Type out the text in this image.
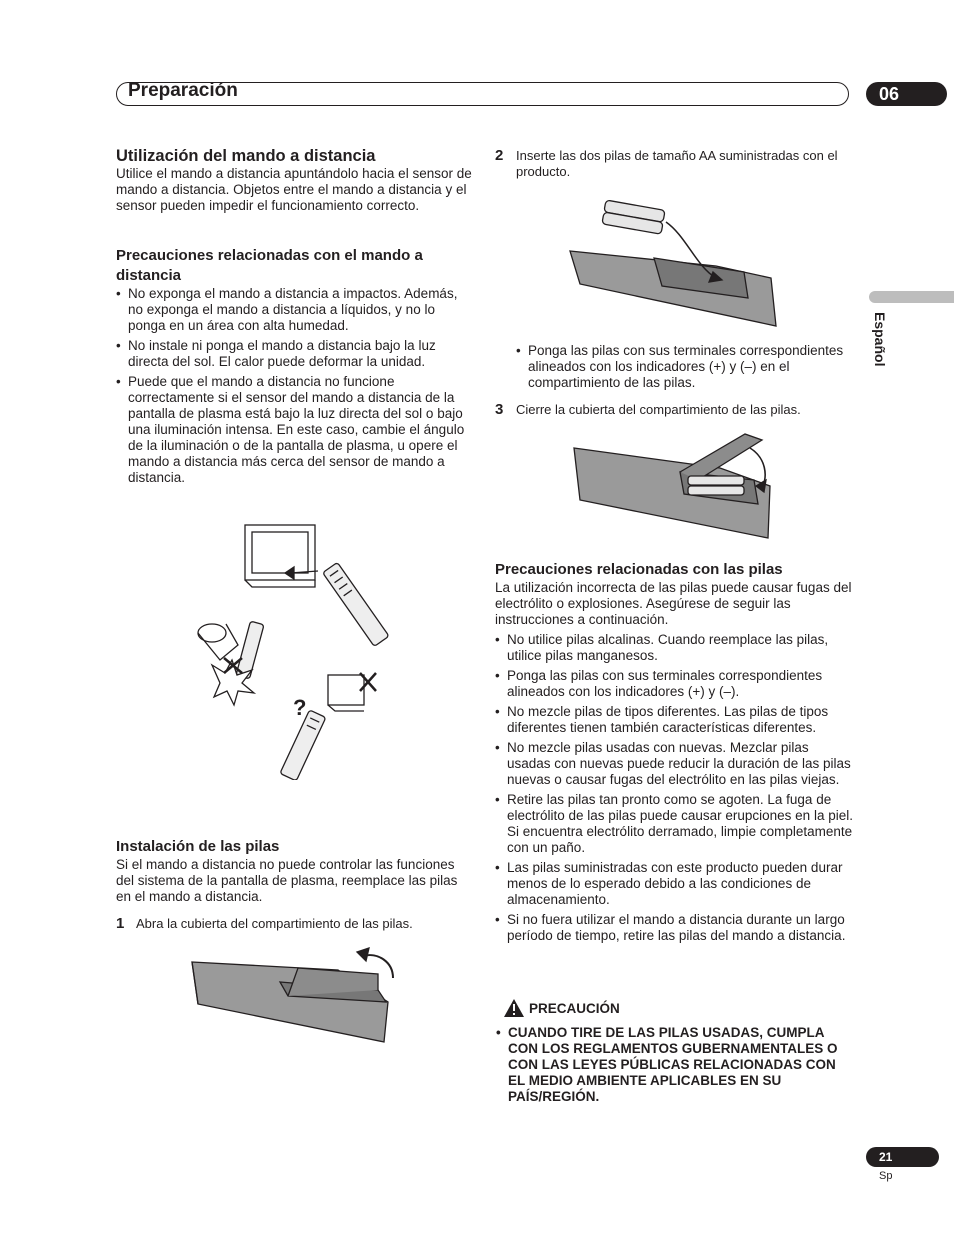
Preparación	06
Español
Utilización del mando a distancia
Utilice el mando a distancia apuntándolo hacia el sensor de mando a distancia. Objetos entre el mando a distancia y el sensor pueden impedir el funcionamiento correcto.
Precauciones relacionadas con el mando a distancia
• No exponga el mando a distancia a impactos. Además, no exponga el mando a distancia a líquidos, y no lo ponga en un área con alta humedad.
• No instale ni ponga el mando a distancia bajo la luz directa del sol. El calor puede deformar la unidad.
• Puede que el mando a distancia no funcione correctamente si el sensor del mando a distancia de la pantalla de plasma está bajo la luz directa del sol o bajo una iluminación intensa. En este caso, cambie el ángulo de la iluminación o de la pantalla de plasma, u opere el mando a distancia más cerca del sensor de mando a distancia.
?
Instalación de las pilas
Si el mando a distancia no puede controlar las funciones del sistema de la pantalla de plasma, reemplace las pilas en el mando a distancia.
1 Abra la cubierta del compartimiento de las pilas.
2 Inserte las dos pilas de tamaño AA suministradas con el producto.
• Ponga las pilas con sus terminales correspondientes alineados con los indicadores (+) y (–) en el compartimiento de las pilas.
3 Cierre la cubierta del compartimiento de las pilas.
Precauciones relacionadas con las pilas
La utilización incorrecta de las pilas puede causar fugas del electrólito o explosiones. Asegúrese de seguir las instrucciones a continuación.
• No utilice pilas alcalinas. Cuando reemplace las pilas, utilice pilas manganesos.
• Ponga las pilas con sus terminales correspondientes alineados con los indicadores (+) y (–).
• No mezcle pilas de tipos diferentes. Las pilas de tipos diferentes tienen también características diferentes.
• No mezcle pilas usadas con nuevas. Mezclar pilas usadas con nuevas puede reducir la duración de las pilas nuevas o causar fugas del electrólito en las pilas viejas.
• Retire las pilas tan pronto como se agoten. La fuga de electrólito de las pilas puede causar erupciones en la piel. Si encuentra electrólito derramado, limpie completamente con un paño.
• Las pilas suministradas con este producto pueden durar menos de lo esperado debido a las condiciones de almacenamiento.
• Si no fuera utilizar el mando a distancia durante un largo período de tiempo, retire las pilas del mando a distancia.
PRECAUCIÓN
• CUANDO TIRE DE LAS PILAS USADAS, CUMPLA CON LOS REGLAMENTOS GUBERNAMENTALES O CON LAS LEYES PÚBLICAS RELACIONADAS CON EL MEDIO AMBIENTE APLICABLES EN SU PAÍS/REGIÓN.
21
Sp
